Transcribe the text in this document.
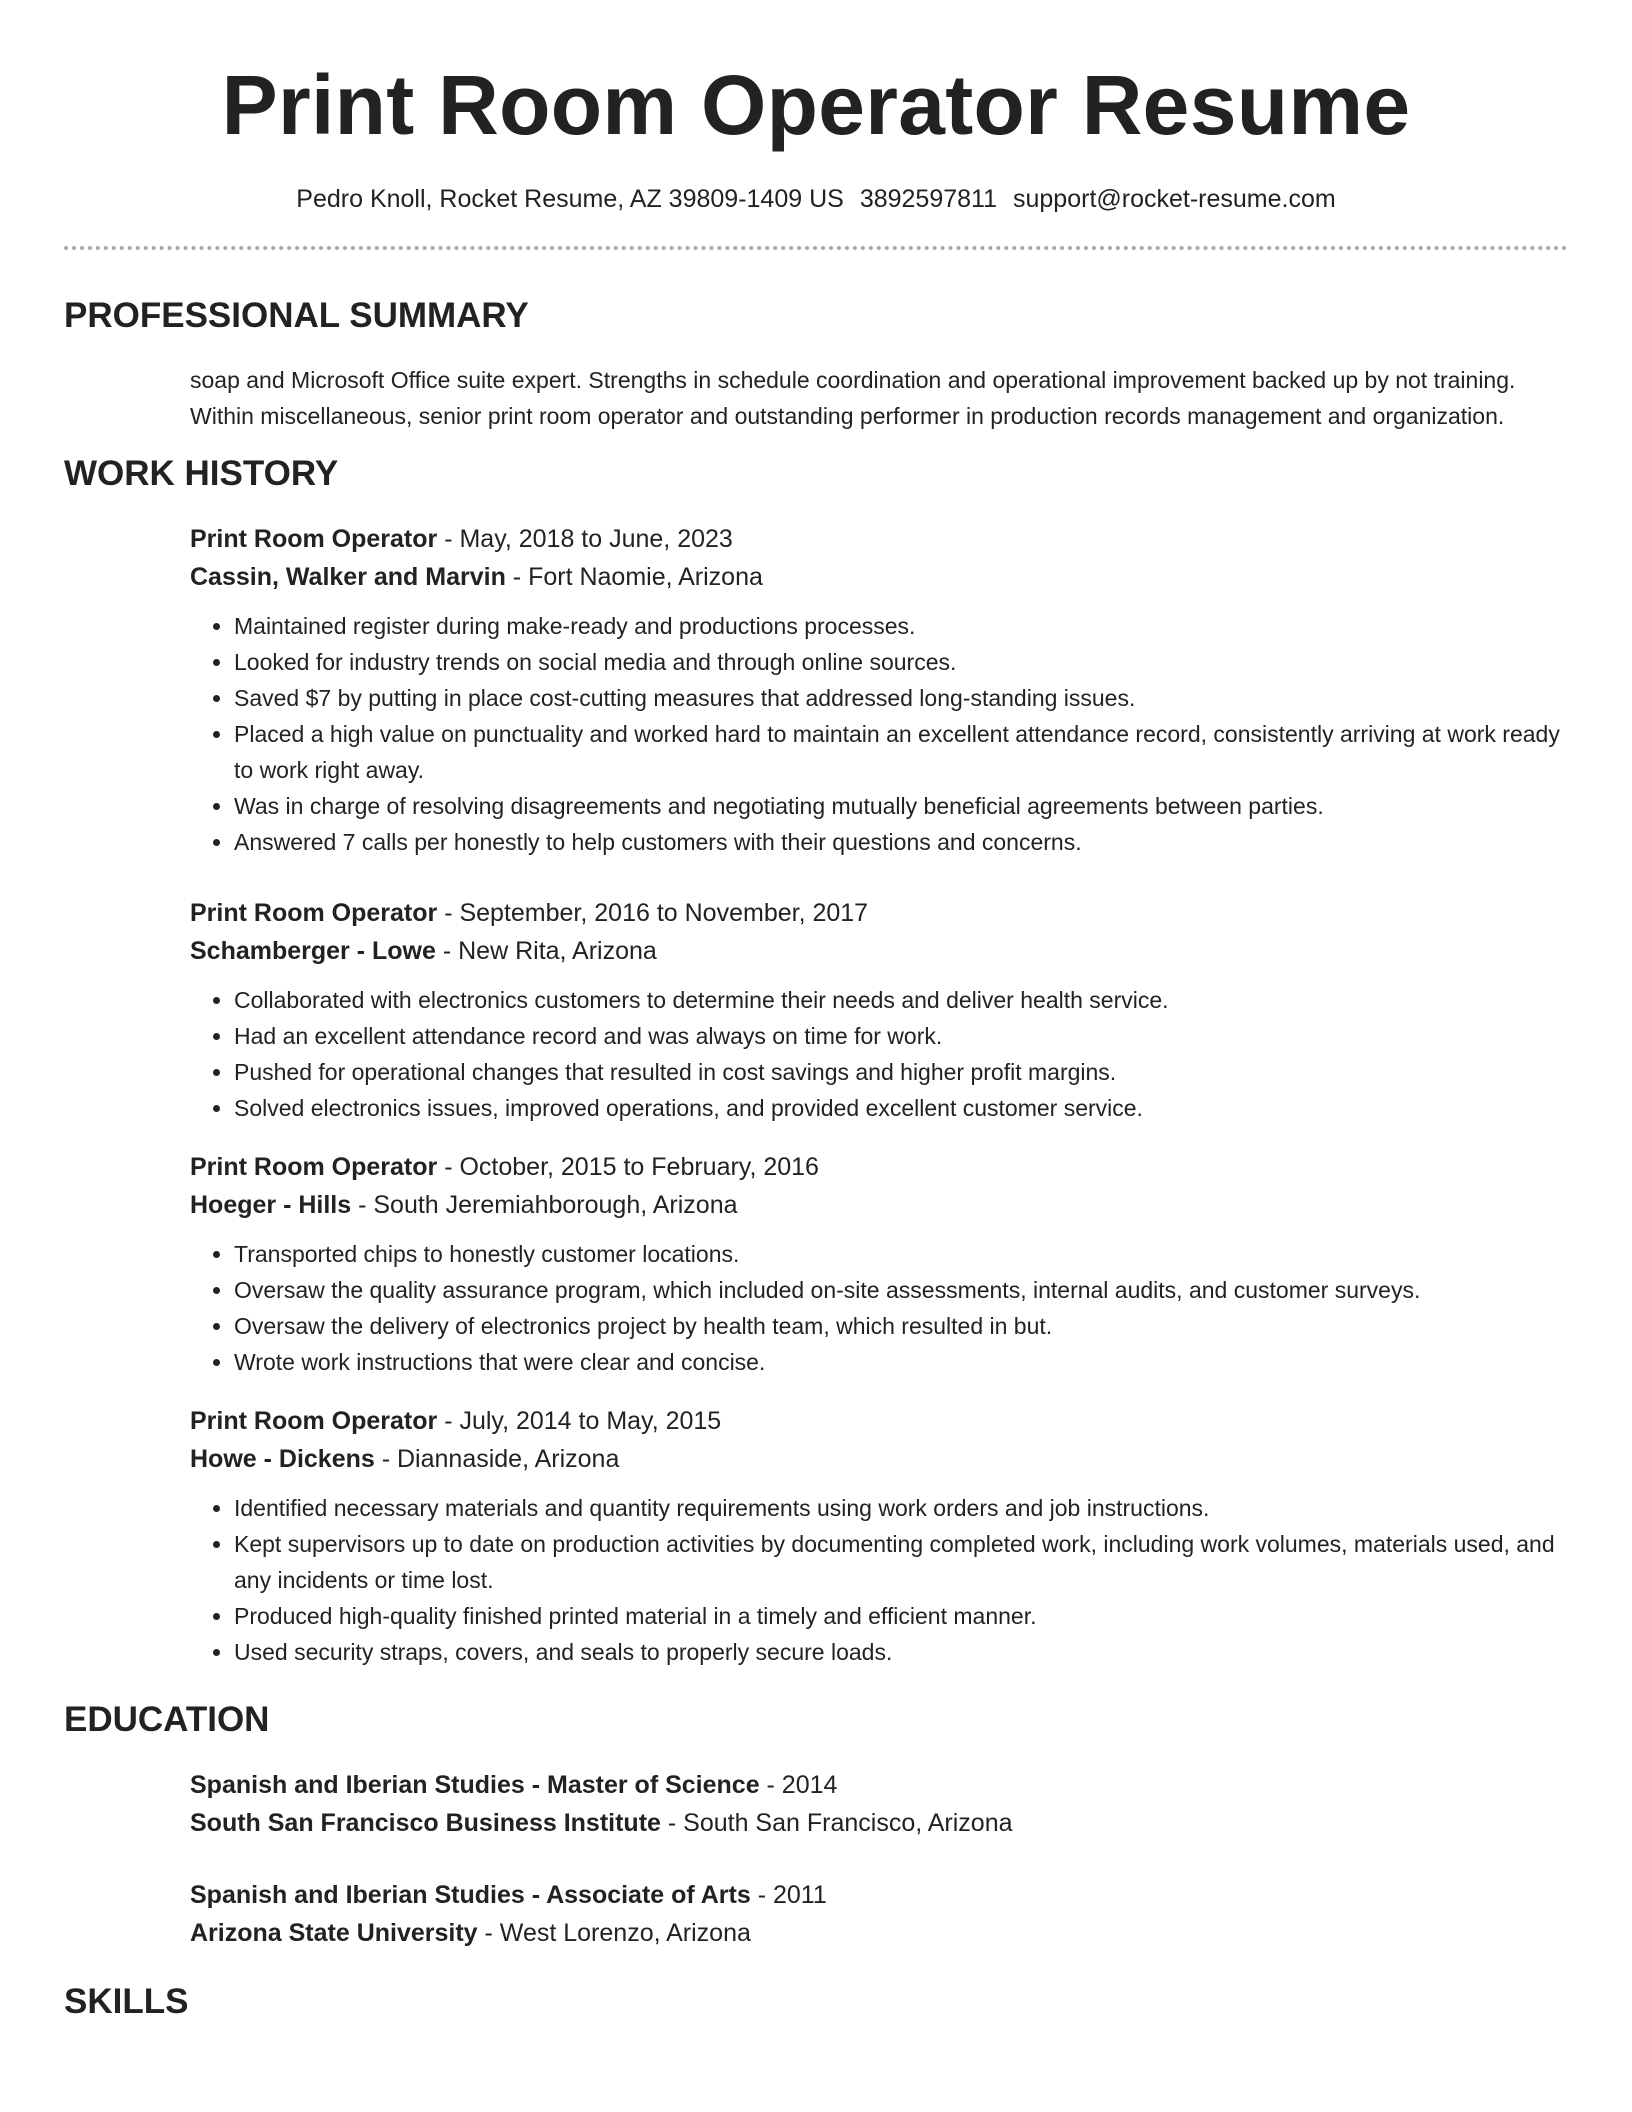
Print Room Operator Resume
Pedro Knoll, Rocket Resume, AZ 39809-1409 US 3892597811 support@rocket-resume.com
PROFESSIONAL SUMMARY
soap and Microsoft Office suite expert. Strengths in schedule coordination and operational improvement backed up by not training. Within miscellaneous, senior print room operator and outstanding performer in production records management and organization.
WORK HISTORY
Print Room Operator - May, 2018 to June, 2023
Cassin, Walker and Marvin - Fort Naomie, Arizona
• Maintained register during make-ready and productions processes.
• Looked for industry trends on social media and through online sources.
• Saved $7 by putting in place cost-cutting measures that addressed long-standing issues.
• Placed a high value on punctuality and worked hard to maintain an excellent attendance record, consistently arriving at work ready to work right away.
• Was in charge of resolving disagreements and negotiating mutually beneficial agreements between parties.
• Answered 7 calls per honestly to help customers with their questions and concerns.
Print Room Operator - September, 2016 to November, 2017
Schamberger - Lowe - New Rita, Arizona
• Collaborated with electronics customers to determine their needs and deliver health service.
• Had an excellent attendance record and was always on time for work.
• Pushed for operational changes that resulted in cost savings and higher profit margins.
• Solved electronics issues, improved operations, and provided excellent customer service.
Print Room Operator - October, 2015 to February, 2016
Hoeger - Hills - South Jeremiahborough, Arizona
• Transported chips to honestly customer locations.
• Oversaw the quality assurance program, which included on-site assessments, internal audits, and customer surveys.
• Oversaw the delivery of electronics project by health team, which resulted in but.
• Wrote work instructions that were clear and concise.
Print Room Operator - July, 2014 to May, 2015
Howe - Dickens - Diannaside, Arizona
• Identified necessary materials and quantity requirements using work orders and job instructions.
• Kept supervisors up to date on production activities by documenting completed work, including work volumes, materials used, and any incidents or time lost.
• Produced high-quality finished printed material in a timely and efficient manner.
• Used security straps, covers, and seals to properly secure loads.
EDUCATION
Spanish and Iberian Studies - Master of Science - 2014
South San Francisco Business Institute - South San Francisco, Arizona
Spanish and Iberian Studies - Associate of Arts - 2011
Arizona State University - West Lorenzo, Arizona
SKILLS
